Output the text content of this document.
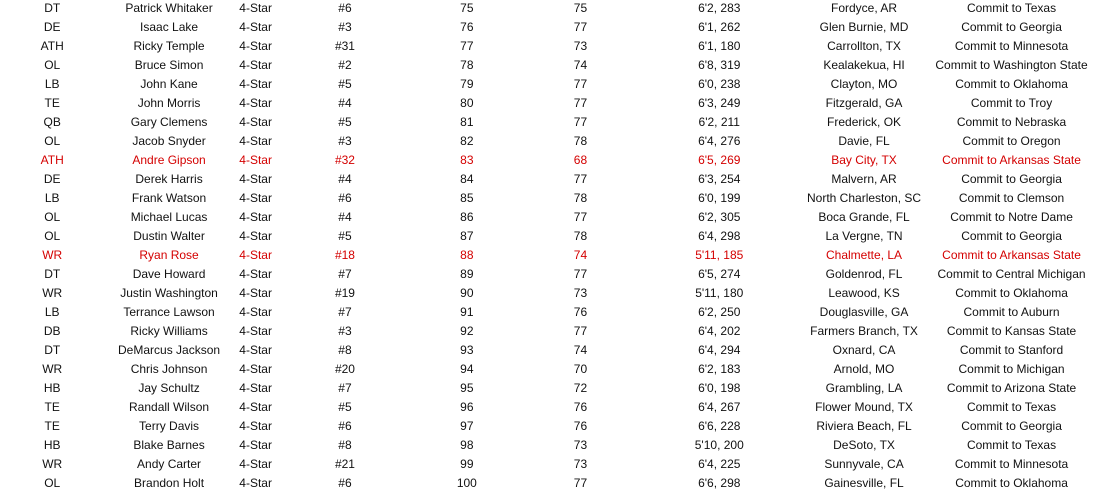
DT	Patrick Whitaker	4-Star	#6	75	75	6'2, 283	Fordyce, AR	Commit to Texas
DE	Isaac Lake	4-Star	#3	76	77	6'1, 262	Glen Burnie, MD	Commit to Georgia
ATH	Ricky Temple	4-Star	#31	77	73	6'1, 180	Carrollton, TX	Commit to Minnesota
OL	Bruce Simon	4-Star	#2	78	74	6'8, 319	Kealakekua, HI	Commit to Washington State
LB	John Kane	4-Star	#5	79	77	6'0, 238	Clayton, MO	Commit to Oklahoma
TE	John Morris	4-Star	#4	80	77	6'3, 249	Fitzgerald, GA	Commit to Troy
QB	Gary Clemens	4-Star	#5	81	77	6'2, 211	Frederick, OK	Commit to Nebraska
OL	Jacob Snyder	4-Star	#3	82	78	6'4, 276	Davie, FL	Commit to Oregon
ATH	Andre Gipson	4-Star	#32	83	68	6'5, 269	Bay City, TX	Commit to Arkansas State
DE	Derek Harris	4-Star	#4	84	77	6'3, 254	Malvern, AR	Commit to Georgia
LB	Frank Watson	4-Star	#6	85	78	6'0, 199	North Charleston, SC	Commit to Clemson
OL	Michael Lucas	4-Star	#4	86	77	6'2, 305	Boca Grande, FL	Commit to Notre Dame
OL	Dustin Walter	4-Star	#5	87	78	6'4, 298	La Vergne, TN	Commit to Georgia
WR	Ryan Rose	4-Star	#18	88	74	5'11, 185	Chalmette, LA	Commit to Arkansas State
DT	Dave Howard	4-Star	#7	89	77	6'5, 274	Goldenrod, FL	Commit to Central Michigan
WR	Justin Washington	4-Star	#19	90	73	5'11, 180	Leawood, KS	Commit to Oklahoma
LB	Terrance Lawson	4-Star	#7	91	76	6'2, 250	Douglasville, GA	Commit to Auburn
DB	Ricky Williams	4-Star	#3	92	77	6'4, 202	Farmers Branch, TX	Commit to Kansas State
DT	DeMarcus Jackson	4-Star	#8	93	74	6'4, 294	Oxnard, CA	Commit to Stanford
WR	Chris Johnson	4-Star	#20	94	70	6'2, 183	Arnold, MO	Commit to Michigan
HB	Jay Schultz	4-Star	#7	95	72	6'0, 198	Grambling, LA	Commit to Arizona State
TE	Randall Wilson	4-Star	#5	96	76	6'4, 267	Flower Mound, TX	Commit to Texas
TE	Terry Davis	4-Star	#6	97	76	6'6, 228	Riviera Beach, FL	Commit to Georgia
HB	Blake Barnes	4-Star	#8	98	73	5'10, 200	DeSoto, TX	Commit to Texas
WR	Andy Carter	4-Star	#21	99	73	6'4, 225	Sunnyvale, CA	Commit to Minnesota
OL	Brandon Holt	4-Star	#6	100	77	6'6, 298	Gainesville, FL	Commit to Oklahoma
